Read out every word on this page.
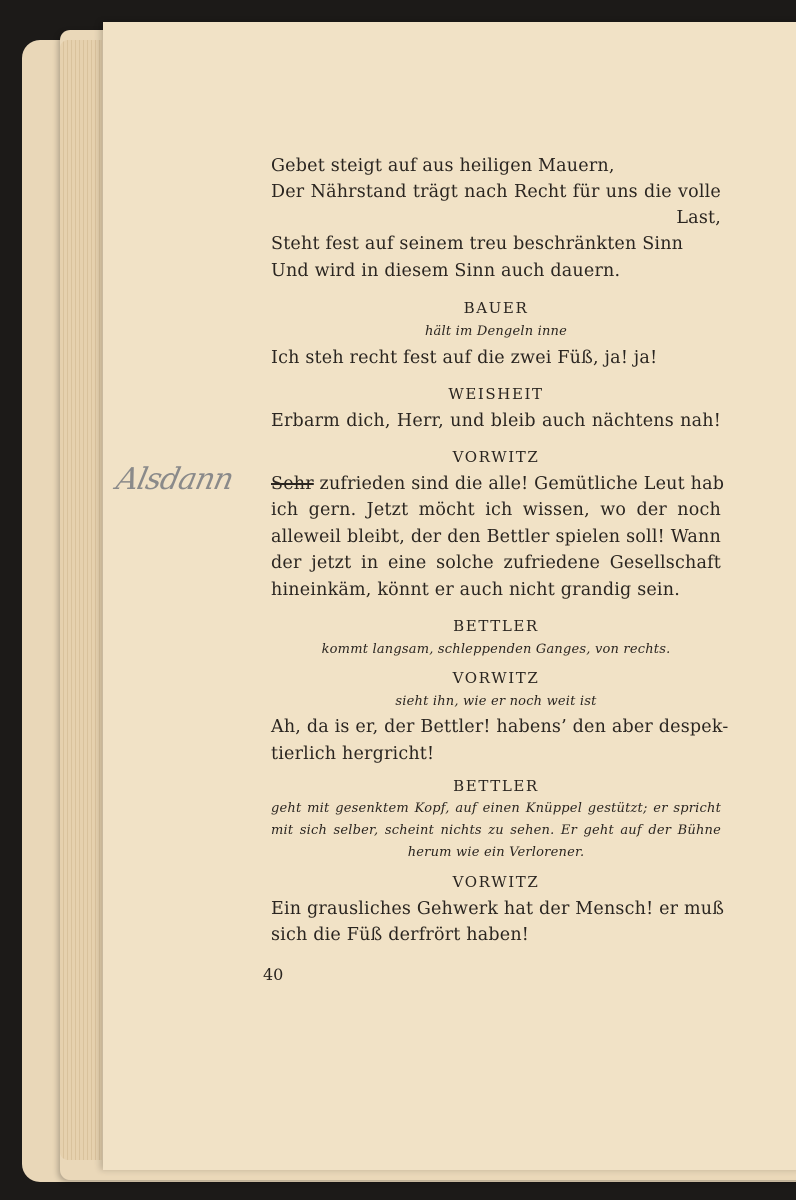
Alsdann
Gebet steigt auf aus heiligen Mauern,
Der Nährstand trägt nach Recht für uns die volle
Last,
Steht fest auf seinem treu beschränkten Sinn
Und wird in diesem Sinn auch dauern.
BAUER
hält im Dengeln inne
Ich steh recht fest auf die zwei Füß, ja! ja!
WEISHEIT
Erbarm dich, Herr, und bleib auch nächtens nah!
VORWITZ
Sehr zufrieden sind die alle! Gemütliche Leut hab
ich gern. Jetzt möcht ich wissen, wo der noch
alleweil bleibt, der den Bettler spielen soll! Wann
der jetzt in eine solche zufriedene Gesellschaft
hineinkäm, könnt er auch nicht grandig sein.
BETTLER
kommt langsam, schleppenden Ganges, von rechts.
VORWITZ
sieht ihn, wie er noch weit ist
Ah, da is er, der Bettler! habens’ den aber despek-
tierlich hergricht!
BETTLER
geht mit gesenktem Kopf, auf einen Knüppel gestützt; er spricht
mit sich selber, scheint nichts zu sehen. Er geht auf der Bühne
herum wie ein Verlorener.
VORWITZ
Ein grausliches Gehwerk hat der Mensch! er muß
sich die Füß derfrört haben!
40
